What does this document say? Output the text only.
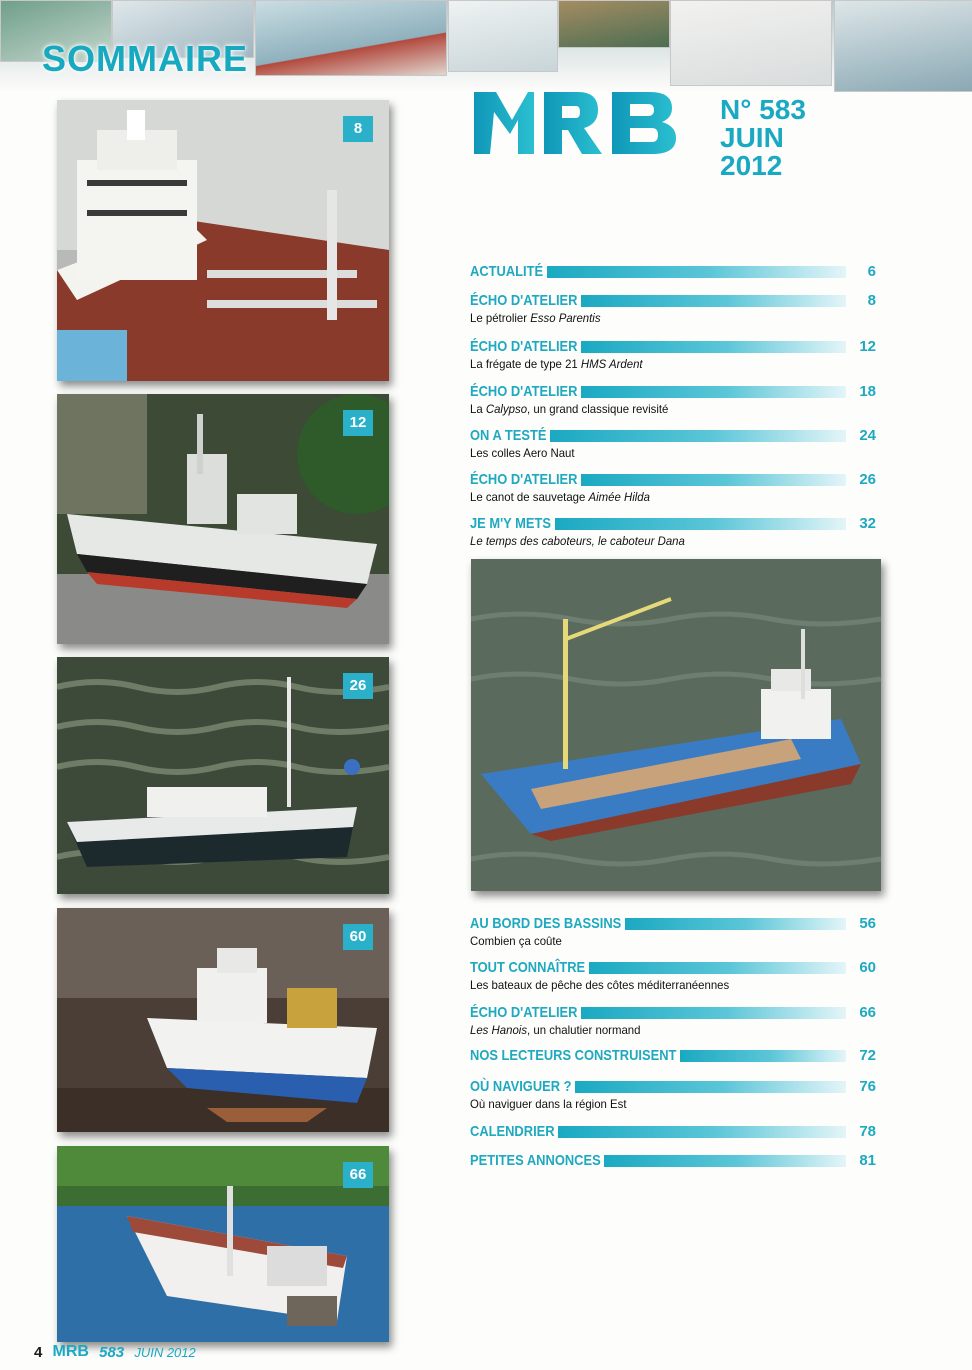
SOMMAIRE
8
12
26
60
66
N° 583
JUIN
2012
ACTUALITÉ	6
ÉCHO D'ATELIER	8
Le pétrolier Esso Parentis
ÉCHO D'ATELIER	12
La frégate de type 21 HMS Ardent
ÉCHO D'ATELIER	18
La Calypso, un grand classique revisité
ON A TESTÉ	24
Les colles Aero Naut
ÉCHO D'ATELIER	26
Le canot de sauvetage Aimée Hilda
JE M'Y METS	32
Le temps des caboteurs, le caboteur Dana
AU BORD DES BASSINS	56
Combien ça coûte
TOUT CONNAÎTRE	60
Les bateaux de pêche des côtes méditerranéennes
ÉCHO D'ATELIER	66
Les Hanois, un chalutier normand
NOS LECTEURS CONSTRUISENT	72
OÙ NAVIGUER ?	76
Où naviguer dans la région Est
CALENDRIER	78
PETITES ANNONCES	81
4 MRB 583 JUIN 2012
